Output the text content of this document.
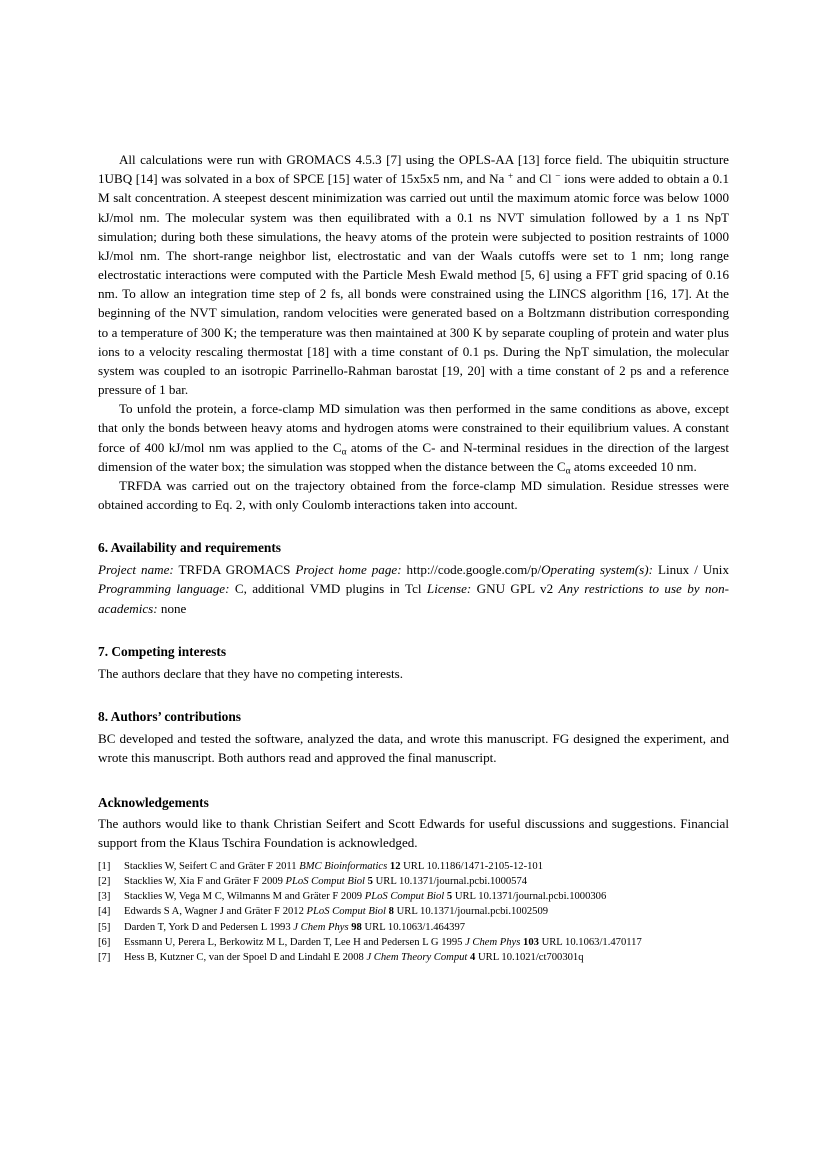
All calculations were run with GROMACS 4.5.3 [7] using the OPLS-AA [13] force field. The ubiquitin structure 1UBQ [14] was solvated in a box of SPCE [15] water of 15x5x5 nm, and Na + and Cl − ions were added to obtain a 0.1 M salt concentration. A steepest descent minimization was carried out until the maximum atomic force was below 1000 kJ/mol nm. The molecular system was then equilibrated with a 0.1 ns NVT simulation followed by a 1 ns NpT simulation; during both these simulations, the heavy atoms of the protein were subjected to position restraints of 1000 kJ/mol nm. The short-range neighbor list, electrostatic and van der Waals cutoffs were set to 1 nm; long range electrostatic interactions were computed with the Particle Mesh Ewald method [5, 6] using a FFT grid spacing of 0.16 nm. To allow an integration time step of 2 fs, all bonds were constrained using the LINCS algorithm [16, 17]. At the beginning of the NVT simulation, random velocities were generated based on a Boltzmann distribution corresponding to a temperature of 300 K; the temperature was then maintained at 300 K by separate coupling of protein and water plus ions to a velocity rescaling thermostat [18] with a time constant of 0.1 ps. During the NpT simulation, the molecular system was coupled to an isotropic Parrinello-Rahman barostat [19, 20] with a time constant of 2 ps and a reference pressure of 1 bar.

To unfold the protein, a force-clamp MD simulation was then performed in the same conditions as above, except that only the bonds between heavy atoms and hydrogen atoms were constrained to their equilibrium values. A constant force of 400 kJ/mol nm was applied to the $C_\alpha$ atoms of the C- and N-terminal residues in the direction of the largest dimension of the water box; the simulation was stopped when the distance between the $C_\alpha$ atoms exceeded 10 nm.

TRFDA was carried out on the trajectory obtained from the force-clamp MD simulation. Residue stresses were obtained according to Eq. 2, with only Coulomb interactions taken into account.

6. Availability and requirements
Project name: TRFDA GROMACS Project home page: http://code.google.com/p/Operating system(s): Linux / Unix Programming language: C, additional VMD plugins in Tcl License: GNU GPL v2 Any restrictions to use by non-academics: none
7. Competing interests
The authors declare that they have no competing interests.
8. Authors’ contributions
BC developed and tested the software, analyzed the data, and wrote this manuscript. FG designed the experiment, and wrote this manuscript. Both authors read and approved the final manuscript.
Acknowledgements
The authors would like to thank Christian Seifert and Scott Edwards for useful discussions and suggestions. Financial support from the Klaus Tschira Foundation is acknowledged.
[1]	Stacklies W, Seifert C and Gräter F 2011 BMC Bioinformatics 12 URL 10.1186/1471-2105-12-101
[2]	Stacklies W, Xia F and Gräter F 2009 PLoS Comput Biol 5 URL 10.1371/journal.pcbi.1000574
[3]	Stacklies W, Vega M C, Wilmanns M and Gräter F 2009 PLoS Comput Biol 5 URL 10.1371/journal.pcbi.1000306
[4]	Edwards S A, Wagner J and Gräter F 2012 PLoS Comput Biol 8 URL 10.1371/journal.pcbi.1002509
[5]	Darden T, York D and Pedersen L 1993 J Chem Phys 98 URL 10.1063/1.464397
[6]	Essmann U, Perera L, Berkowitz M L, Darden T, Lee H and Pedersen L G 1995 J Chem Phys 103 URL 10.1063/1.470117
[7]	Hess B, Kutzner C, van der Spoel D and Lindahl E 2008 J Chem Theory Comput 4 URL 10.1021/ct700301q
